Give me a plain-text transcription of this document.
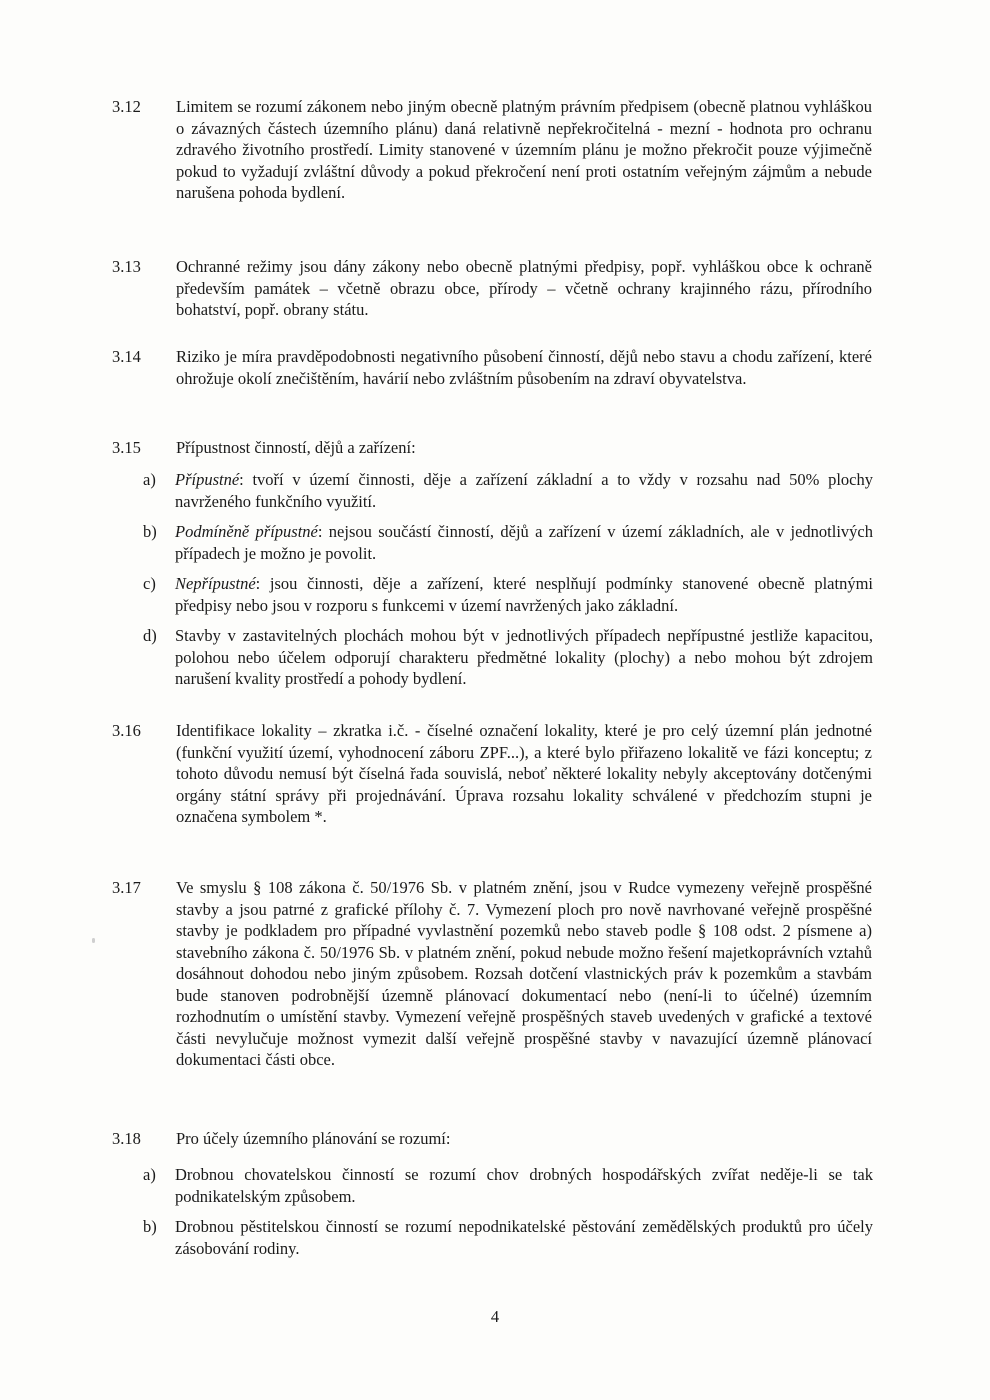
3.12	Limitem se rozumí zákonem nebo jiným obecně platným právním předpisem (obecně platnou vyhláškou o závazných částech územního plánu) daná relativně nepřekročitelná - mezní - hodnota pro ochranu zdravého životního prostředí. Limity stanovené v územním plánu je možno překročit pouze výjimečně pokud to vyžadují zvláštní důvody a pokud překročení není proti ostatním veřejným zájmům a nebude narušena pohoda bydlení.

3.13	Ochranné režimy jsou dány zákony nebo obecně platnými předpisy, popř. vyhláškou obce k ochraně především památek – včetně obrazu obce, přírody – včetně ochrany krajinného rázu, přírodního bohatství, popř. obrany státu.

3.14	Riziko je míra pravděpodobnosti negativního působení činností, dějů nebo stavu a chodu zařízení, které ohrožuje okolí znečištěním, havárií nebo zvláštním působením na zdraví obyvatelstva.

3.15	Přípustnost činností, dějů a zařízení:

a)	Přípustné: tvoří v území činnosti, děje a zařízení základní a to vždy v rozsahu nad 50% plochy navrženého funkčního využití.
b)	Podmíněně přípustné: nejsou součástí činností, dějů a zařízení v území základních, ale v jednotlivých případech je možno je povolit.
c)	Nepřípustné: jsou činnosti, děje a zařízení, které nesplňují podmínky stanovené obecně platnými předpisy nebo jsou v rozporu s funkcemi v území navržených jako základní.
d)	Stavby v zastavitelných plochách mohou být v jednotlivých případech nepřípustné jestliže kapacitou, polohou nebo účelem odporují charakteru předmětné lokality (plochy) a nebo mohou být zdrojem narušení kvality prostředí a pohody bydlení.
3.16	Identifikace lokality – zkratka i.č. - číselné označení lokality, které je pro celý územní plán jednotné (funkční využití území, vyhodnocení záboru ZPF...), a které bylo přiřazeno lokalitě ve fázi konceptu; z tohoto důvodu nemusí být číselná řada souvislá, neboť některé lokality nebyly akceptovány dotčenými orgány státní správy při projednávání. Úprava rozsahu lokality schválené v předchozím stupni je označena symbolem *.

3.17	Ve smyslu § 108 zákona č. 50/1976 Sb. v platném znění, jsou v Rudce vymezeny veřejně prospěšné stavby a jsou patrné z grafické přílohy č. 7. Vymezení ploch pro nově navrhované veřejně prospěšné stavby je podkladem pro případné vyvlastnění pozemků nebo staveb podle § 108 odst. 2 písmene a) stavebního zákona č. 50/1976 Sb. v platném znění, pokud nebude možno řešení majetkoprávních vztahů dosáhnout dohodou nebo jiným způsobem. Rozsah dotčení vlastnických práv k pozemkům a stavbám bude stanoven podrobnější územně plánovací dokumentací nebo (není-li to účelné) územním rozhodnutím o umístění stavby. Vymezení veřejně prospěšných staveb uvedených v grafické a textové části nevylučuje možnost vymezit další veřejně prospěšné stavby v navazující územně plánovací dokumentaci části obce.

3.18	Pro účely územního plánování se rozumí:

a)	Drobnou chovatelskou činností se rozumí chov drobných hospodářských zvířat neděje-li se tak podnikatelským způsobem.
b)	Drobnou pěstitelskou činností se rozumí nepodnikatelské pěstování zemědělských produktů pro účely zásobování rodiny.
4
